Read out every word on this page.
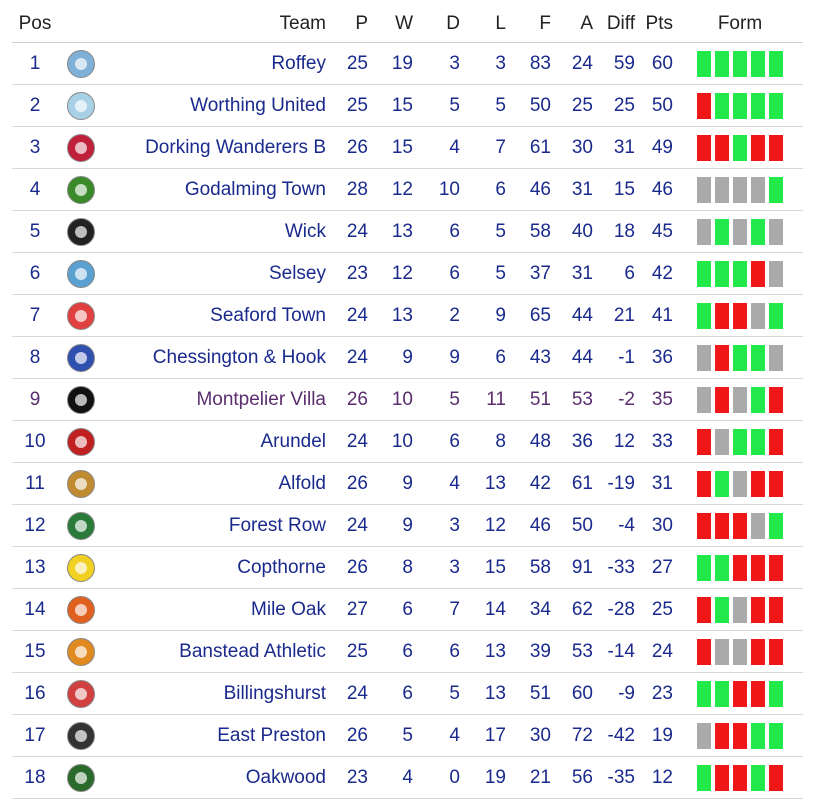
Pos		Team	P	W	D	L	F	A	Diff	Pts	Form
1		Roffey	25	19	3	3	83	24	59	60	

2		Worthing United	25	15	5	5	50	25	25	50	

3		Dorking Wanderers B	26	15	4	7	61	30	31	49	

4		Godalming Town	28	12	10	6	46	31	15	46	

5		Wick	24	13	6	5	58	40	18	45	

6		Selsey	23	12	6	5	37	31	6	42	

7		Seaford Town	24	13	2	9	65	44	21	41	

8		Chessington & Hook	24	9	9	6	43	44	-1	36	

9		Montpelier Villa	26	10	5	11	51	53	-2	35	

10		Arundel	24	10	6	8	48	36	12	33	

11		Alfold	26	9	4	13	42	61	-19	31	

12		Forest Row	24	9	3	12	46	50	-4	30	

13		Copthorne	26	8	3	15	58	91	-33	27	

14		Mile Oak	27	6	7	14	34	62	-28	25	

15		Banstead Athletic	25	6	6	13	39	53	-14	24	

16		Billingshurst	24	6	5	13	51	60	-9	23	

17		East Preston	26	5	4	17	30	72	-42	19	

18		Oakwood	23	4	0	19	21	56	-35	12	
